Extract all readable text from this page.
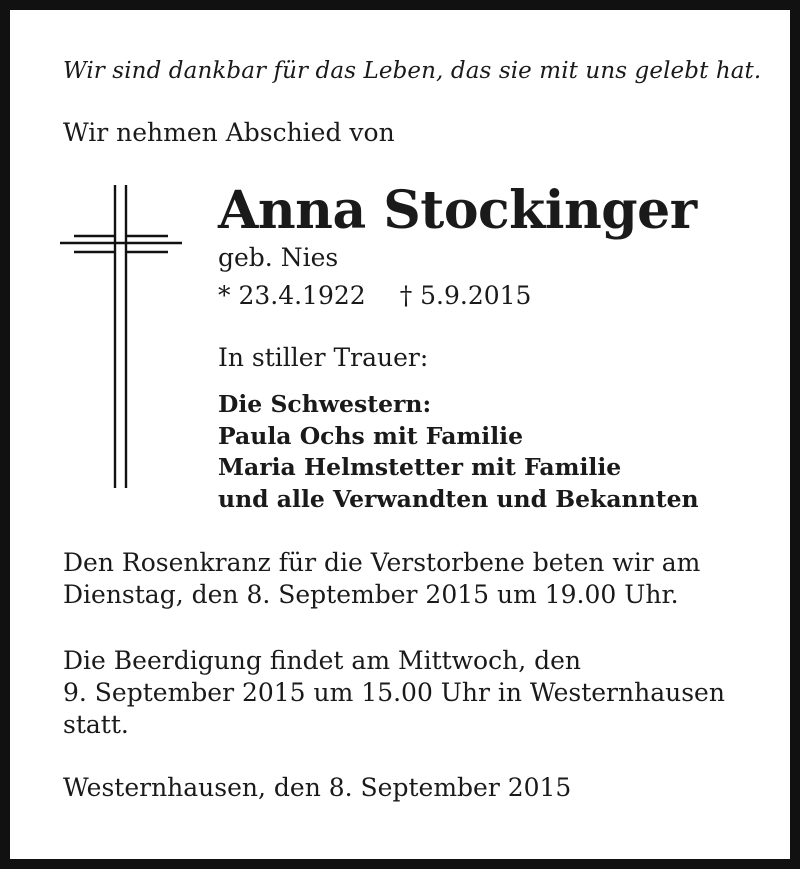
Wir sind dankbar für das Leben, das sie mit uns gelebt hat.
Wir nehmen Abschied von
Anna Stockinger
geb. Nies
* 23.4.1922 † 5.9.2015
In stiller Trauer:
Die Schwestern:
Paula Ochs mit Familie
Maria Helmstetter mit Familie
und alle Verwandten und Bekannten
Den Rosenkranz für die Verstorbene beten wir am
Dienstag, den 8. September 2015 um 19.00 Uhr.
Die Beerdigung findet am Mittwoch, den
9. September 2015 um 15.00 Uhr in Westernhausen
statt.
Westernhausen, den 8. September 2015
